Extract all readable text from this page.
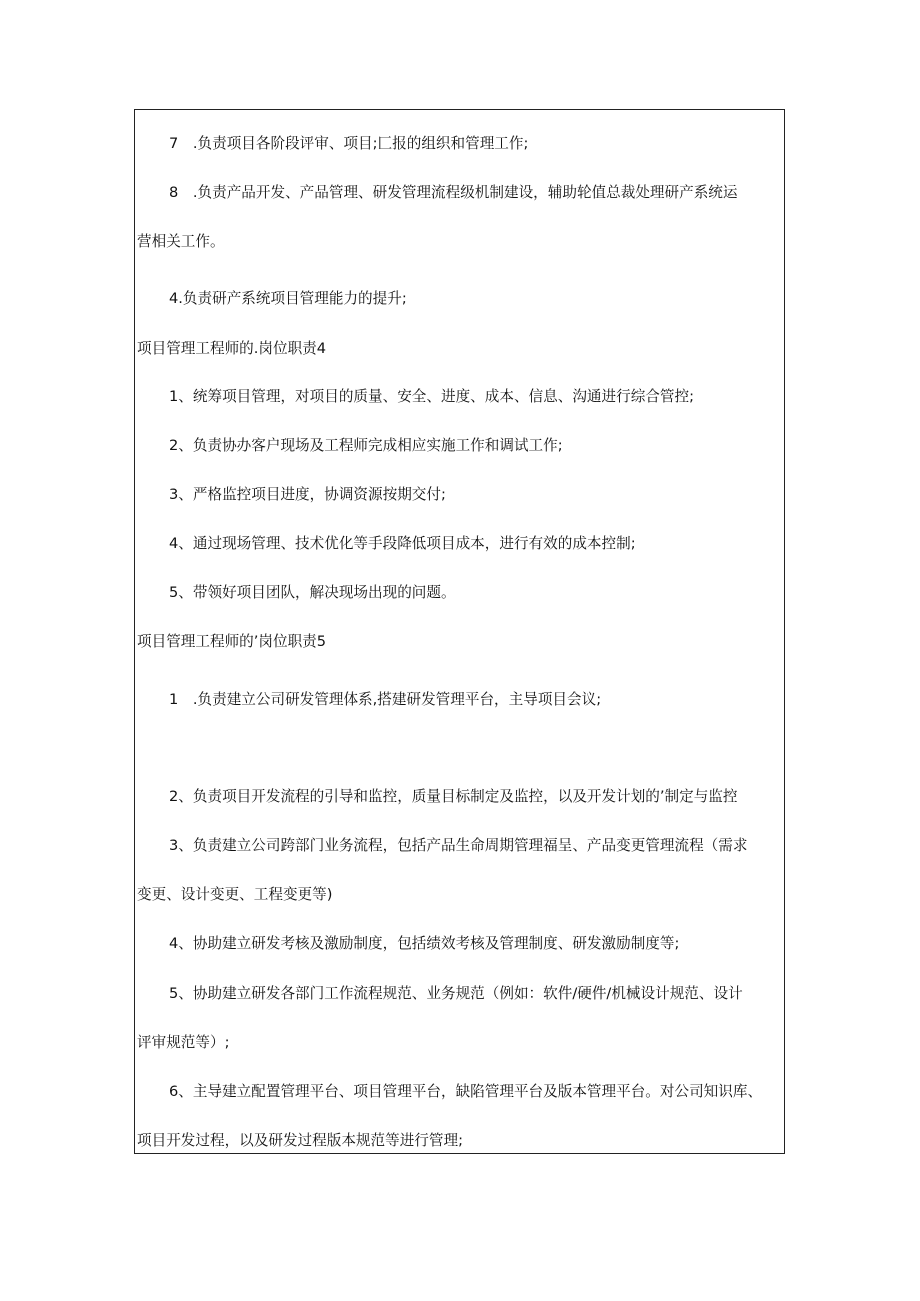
7　.负责项目各阶段评审、项目;匚报的组织和管理工作;
8　.负责产品开发、产品管理、研发管理流程级机制建设，辅助轮值总裁处理研产系统运
营相关工作。
4.负责研产系统项目管理能力的提升;
项目管理工程师的.岗位职责4
1、统筹项目管理，对项目的质量、安全、进度、成本、信息、沟通进行综合管控;
2、负责协办客户现场及工程师完成相应实施工作和调试工作;
3、严格监控项目进度，协调资源按期交付;
4、通过现场管理、技术优化等手段降低项目成本，进行有效的成本控制;
5、带领好项目团队，解决现场出现的问题。
项目管理工程师的’岗位职责5
1　.负责建立公司研发管理体系,搭建研发管理平台，主导项目会议;
2、负责项目开发流程的引导和监控，质量目标制定及监控，以及开发计划的’制定与监控
3、负责建立公司跨部门业务流程，包括产品生命周期管理福呈、产品变更管理流程（需求
变更、设计变更、工程变更等)
4、协助建立研发考核及激励制度，包括绩效考核及管理制度、研发激励制度等;
5、协助建立研发各部门工作流程规范、业务规范（例如：软件/硬件/机械设计规范、设计
评审规范等）;
6、主导建立配置管理平台、项目管理平台，缺陷管理平台及版本管理平台。对公司知识库、
项目开发过程，以及研发过程版本规范等进行管理;
